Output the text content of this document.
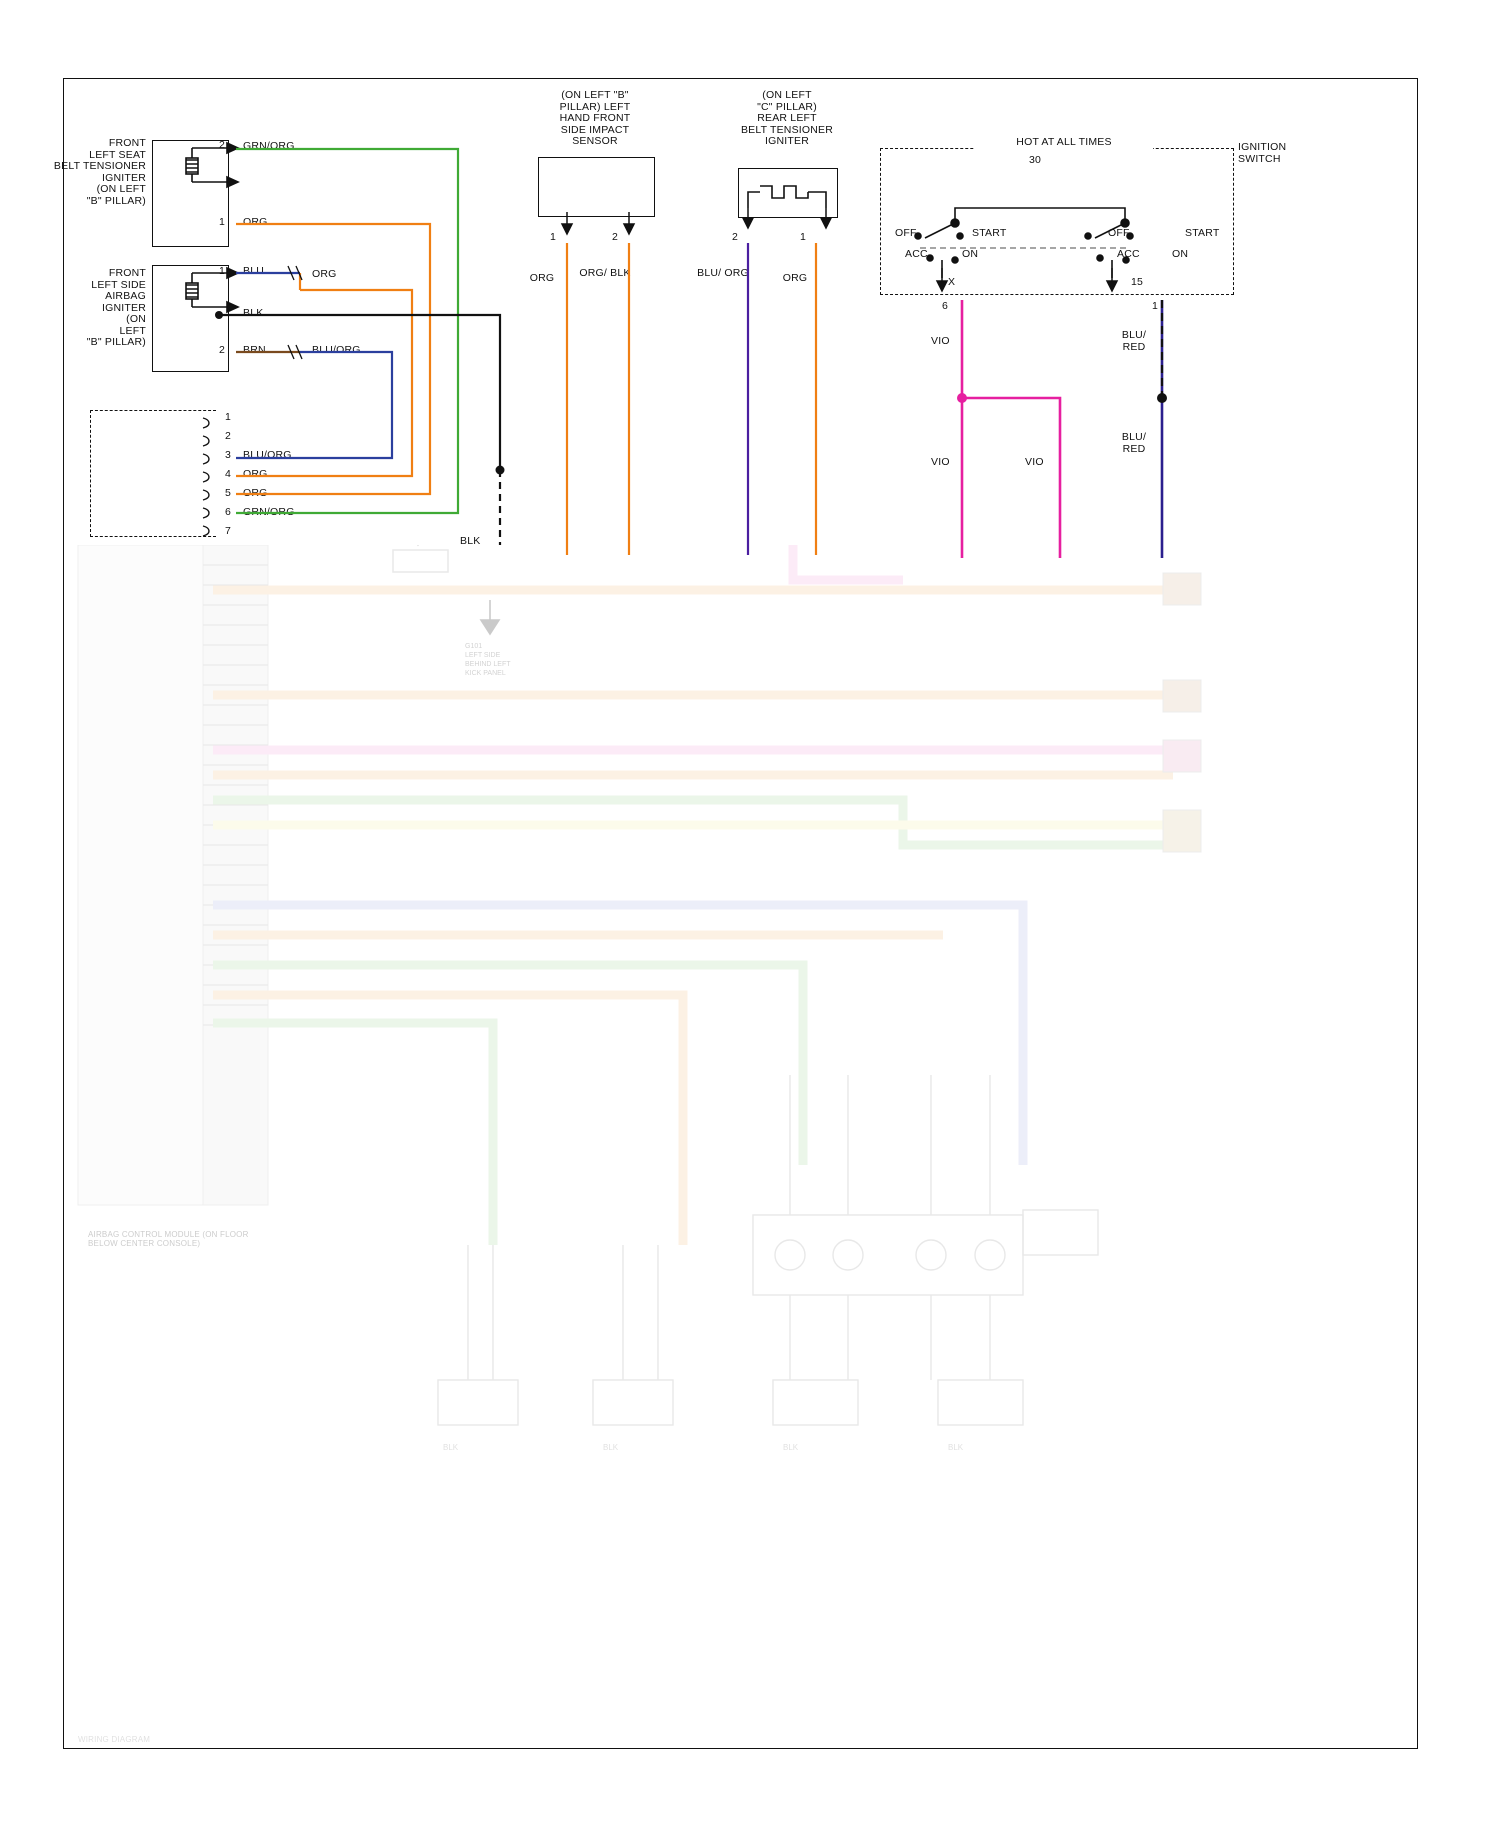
BLK	BLK	BLK	BLK
FRONT
LEFT SEAT
BELT TENSIONER
IGNITER
(ON LEFT
"B" PILLAR)
2 GRN/ORG
1 ORG
FRONT
LEFT SIDE
AIRBAG
IGNITER
(ON
LEFT
"B" PILLAR)
1 BLU	ORG
BLK
2 BRN	BLU/ORG
(ON LEFT "B"
PILLAR) LEFT
HAND FRONT
SIDE IMPACT
SENSOR
1	2
ORG	ORG/ BLK
(ON LEFT
"C" PILLAR)
REAR LEFT
BELT TENSIONER
IGNITER
2	1
BLU/ ORG	ORG
HOT AT ALL TIMES	IGNITION
SWITCH
30
OFF	START
ACC	ON
OFF	START
ACC	ON
X	15
6	1
VIO
VIO	VIO
BLU/ RED
BLU/ RED
1
2
3 BLU/ORG
4 ORG
5 ORG
6 GRN/ORG
7
BLK
G101
LEFT SIDE
BEHIND LEFT
KICK PANEL
AIRBAG CONTROL MODULE (ON FLOOR BELOW CENTER CONSOLE)
WIRING DIAGRAM
